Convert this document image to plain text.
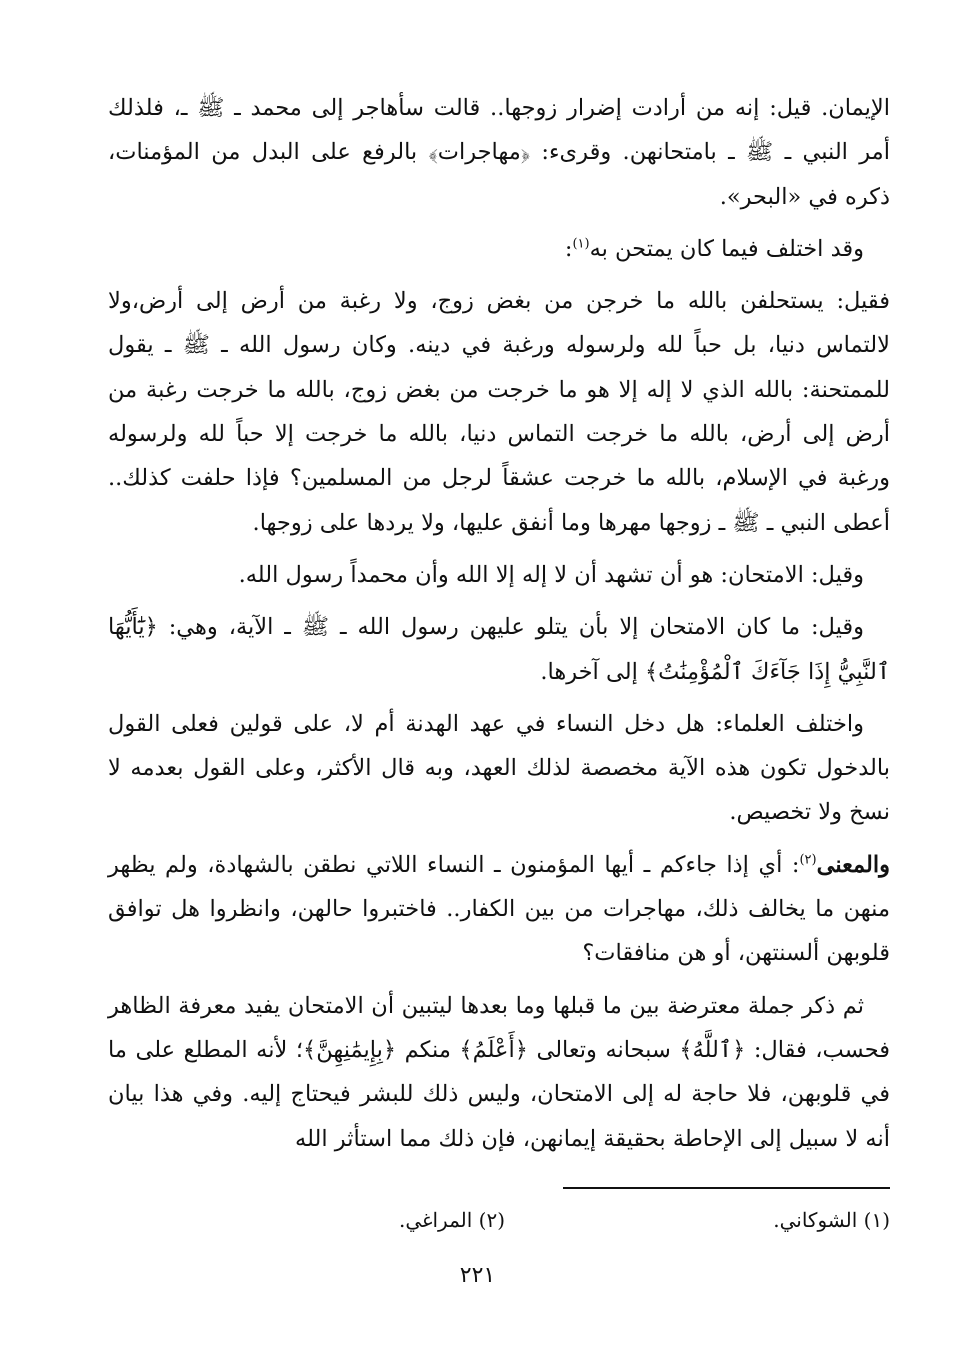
الإيمان. قيل: إنه من أرادت إضرار زوجها.. قالت سأهاجر إلى محمد ـ ﷺ ـ، فلذلك أمر النبي ـ ﷺ ـ بامتحانهن. وقرىء: ﴿مهاجرات﴾ بالرفع على البدل من المؤمنات، ذكره في «البحر».

وقد اختلف فيما كان يمتحن به$^{(١)}$:

فقيل: يستحلفن بالله ما خرجن من بغض زوج، ولا رغبة من أرض إلى أرض،ولا لالتماس دنيا، بل حباً لله ولرسوله ورغبة في دينه. وكان رسول الله ـ ﷺ ـ يقول للممتحنة: بالله الذي لا إله إلا هو ما خرجت من بغض زوج، بالله ما خرجت رغبة من أرض إلى أرض، بالله ما خرجت التماس دنيا، بالله ما خرجت إلا حباً لله ولرسوله ورغبة في الإسلام، بالله ما خرجت عشقاً لرجل من المسلمين؟ فإذا حلفت كذلك.. أعطى النبي ـ ﷺ ـ زوجها مهرها وما أنفق عليها، ولا يردها على زوجها.

وقيل: الامتحان: هو أن تشهد أن لا إله إلا الله وأن محمداً رسول الله.

وقيل: ما كان الامتحان إلا بأن يتلو عليهن رسول الله ـ ﷺ ـ الآية، وهي: ﴿يَٰٓأَيُّهَا ٱلنَّبِيُّ إِذَا جَآءَكَ ٱلْمُؤْمِنَٰتُ﴾ إلى آخرها.

واختلف العلماء: هل دخل النساء في عهد الهدنة أم لا، على قولين فعلى القول بالدخول تكون هذه الآية مخصصة لذلك العهد، وبه قال الأكثر، وعلى القول بعدمه لا نسخ ولا تخصيص.

والمعنى$^{(٢)}$: أي إذا جاءكم ـ أيها المؤمنون ـ النساء اللاتي نطقن بالشهادة، ولم يظهر منهن ما يخالف ذلك، مهاجرات من بين الكفار.. فاختبروا حالهن، وانظروا هل توافق قلوبهن ألسنتهن، أو هن منافقات؟

ثم ذكر جملة معترضة بين ما قبلها وما بعدها ليتبين أن الامتحان يفيد معرفة الظاهر فحسب، فقال: ﴿ٱللَّهُ﴾ سبحانه وتعالى ﴿أَعْلَمُ﴾ منكم ﴿بِإِيمَٰنِهِنَّ﴾؛ لأنه المطلع على ما في قلوبهن، فلا حاجة له إلى الامتحان، وليس ذلك للبشر فيحتاج إليه. وفي هذا بيان أنه لا سبيل إلى الإحاطة بحقيقة إيمانهن، فإن ذلك مما استأثر الله

(١) الشوكاني.
(٢) المراغي.
٢٢١
